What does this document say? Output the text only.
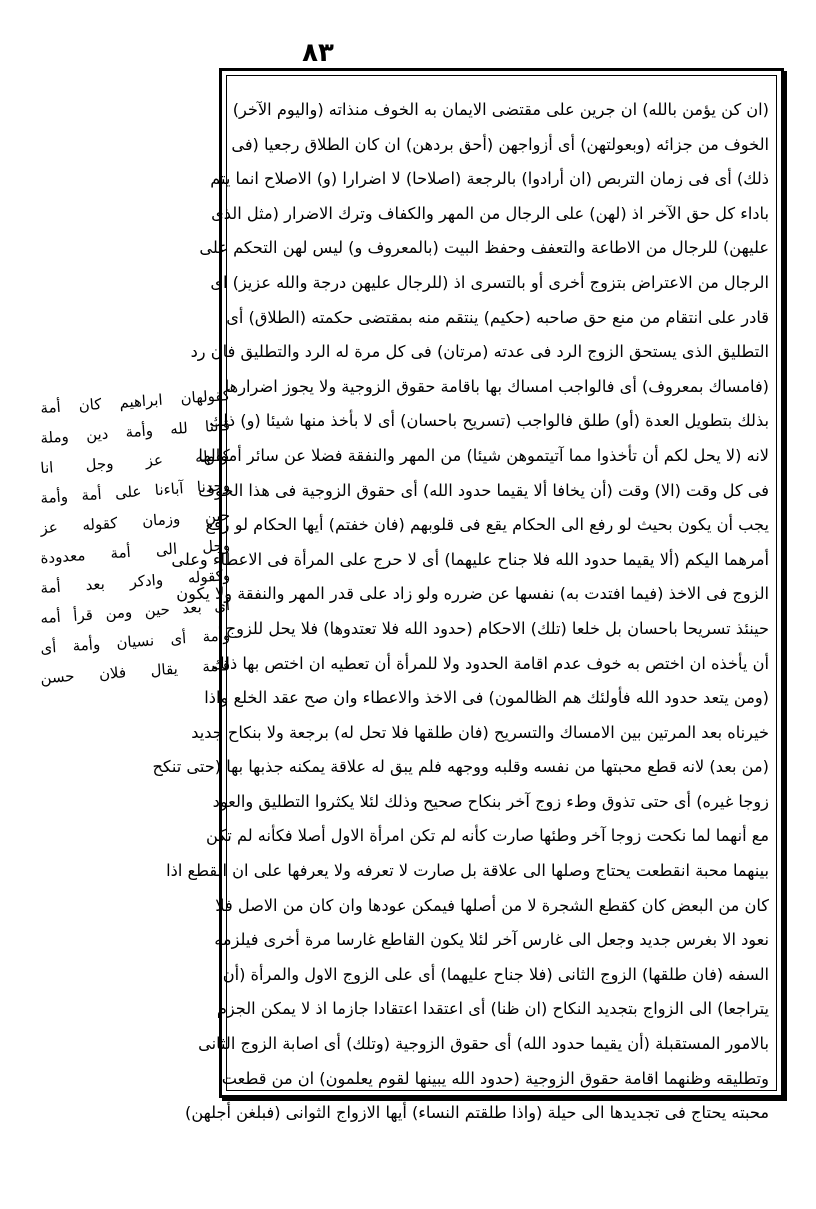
٨٣
(ان كن يؤمن بالله) ان جرين على مقتضى الايمان به الخوف منذاته (واليوم الآخر)
الخوف من جزائه (وبعولتهن) أى أزواجهن (أحق بردهن) ان كان الطلاق رجعيا (فى
ذلك) أى فى زمان التربص (ان أرادوا) بالرجعة (اصلاحا) لا اضرارا (و) الاصلاح انما يتم
باداء كل حق الآخر اذ (لهن) على الرجال من المهر والكفاف وترك الاضرار (مثل الذى
عليهن) للرجال من الاطاعة والتعفف وحفظ البيت (بالمعروف و) ليس لهن التحكم على
الرجال من الاعتراض بتزوج أخرى أو بالتسرى اذ (للرجال عليهن درجة والله عزيز) اى
قادر على انتقام من منع حق صاحبه (حكيم) ينتقم منه بمقتضى حكمته (الطلاق) أى
التطليق الذى يستحق الزوج الرد فى عدته (مرتان) فى كل مرة له الرد والتطليق فان رد
(فامساك بمعروف) أى فالواجب امساك بها باقامة حقوق الزوجية ولا يجوز اضرارها
بذلك بتطويل العدة (أو) طلق فالواجب (تسريح باحسان) أى لا بأخذ منها شيئا (و) ذلك
لانه (لا يحل لكم أن تأخذوا مما آتيتموهن شيئا) من المهر والنفقة فضلا عن سائر أموالها
فى كل وقت (الا) وقت (أن يخافا ألا يقيما حدود الله) أى حقوق الزوجية فى هذا الخوف
يجب أن يكون بحيث لو رفع الى الحكام يقع فى قلوبهم (فان خفتم) أيها الحكام لو رفع
أمرهما اليكم (ألا يقيما حدود الله فلا جناح عليهما) أى لا حرج على المرأة فى الاعطاء وعلى
الزوج فى الاخذ (فيما افتدت به) نفسها عن ضرره ولو زاد على قدر المهر والنفقة ولا يكون
حينئذ تسريحا باحسان بل خلعا (تلك) الاحكام (حدود الله فلا تعتدوها) فلا يحل للزوج
أن يأخذه ان اختص به خوف عدم اقامة الحدود ولا للمرأة أن تعطيه ان اختص بها ذلك
(ومن يتعد حدود الله فأولئك هم الظالمون) فى الاخذ والاعطاء وان صح عقد الخلع واذا
خيرناه بعد المرتين بين الامساك والتسريح (فان طلقها فلا تحل له) برجعة ولا بنكاح جديد
(من بعد) لانه قطع محبتها من نفسه وقلبه ووجهه فلم يبق له علاقة يمكنه جذبها بها (حتى تنكح
زوجا غيره) أى حتى تذوق وطء زوج آخر بنكاح صحيح وذلك لئلا يكثروا التطليق والعود
مع أنهما لما نكحت زوجا آخر وطئها صارت كأنه لم تكن امرأة الاول أصلا فكأنه لم تكن
بينهما محبة انقطعت يحتاج وصلها الى علاقة بل صارت لا تعرفه ولا يعرفها على ان القطع اذا
كان من البعض كان كقطع الشجرة لا من أصلها فيمكن عودها وان كان من الاصل فلا
نعود الا بغرس جديد وجعل الى غارس آخر لئلا يكون القاطع غارسا مرة أخرى فيلزمه
السفه (فان طلقها) الزوج الثانى (فلا جناح عليهما) أى على الزوج الاول والمرأة (أن
يتراجعا) الى الزواج بتجديد النكاح (ان ظنا) أى اعتقدا اعتقادا جازما اذ لا يمكن الجزم
بالامور المستقبلة (أن يقيما حدود الله) أى حقوق الزوجية (وتلك) أى اصابة الزوج الثانى
وتطليقه وظنهما اقامة حقوق الزوجية (حدود الله يبينها لقوم يعلمون) ان من قطعت
محبته يحتاج فى تجديدها الى حيلة (واذا طلقتم النساء) أيها الازواج الثوانى (فبلغن أجلهن)
كقولهان ابراهيم كان أمة
قانتا لله وأمة دين وملة
كقوله عز وجل انا
وجدنا آباءنا على أمة وأمة
حين وزمان كقوله عز
وجل الى أمة معدودة
وكقوله وادكر بعد أمة
أى بعد حين ومن قرأ أمه
وأمة أى نسيان وأمة أى
قامة يقال فلان حسن
